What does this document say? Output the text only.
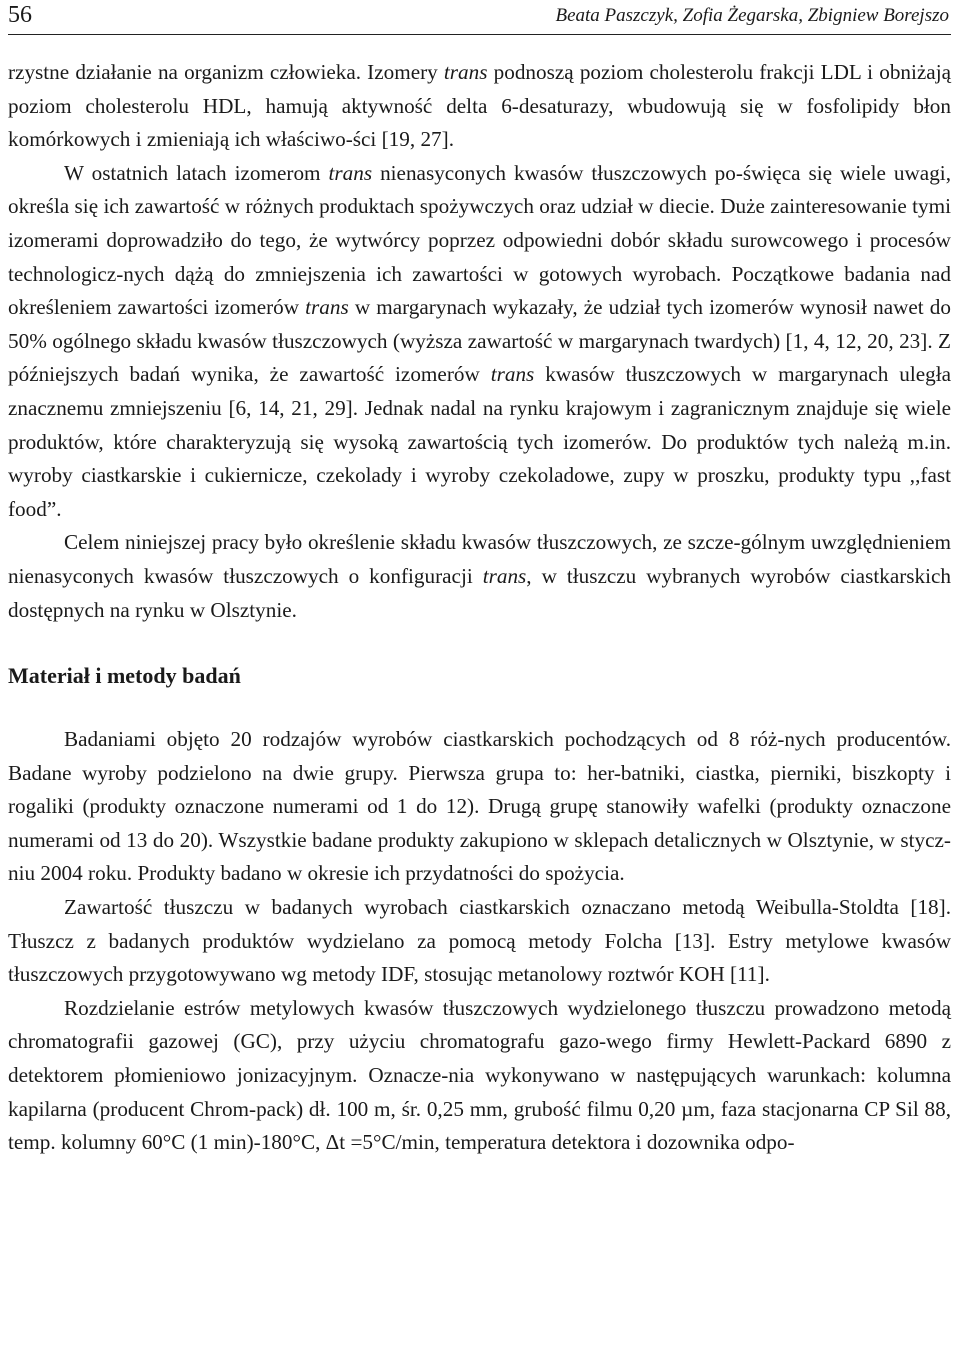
56	Beata Paszczyk, Zofia Żegarska, Zbigniew Borejszo

rzystne działanie na organizm człowieka. Izomery trans podnoszą poziom cholesterolu frakcji LDL i obniżają poziom cholesterolu HDL, hamują aktywność delta 6-desaturazy, wbudowują się w fosfolipidy błon komórkowych i zmieniają ich właściwo-ści [19, 27].

W ostatnich latach izomerom trans nienasyconych kwasów tłuszczowych po-święca się wiele uwagi, określa się ich zawartość w różnych produktach spożywczych oraz udział w diecie. Duże zainteresowanie tymi izomerami doprowadziło do tego, że wytwórcy poprzez odpowiedni dobór składu surowcowego i procesów technologicz-nych dążą do zmniejszenia ich zawartości w gotowych wyrobach. Początkowe badania nad określeniem zawartości izomerów trans w margarynach wykazały, że udział tych izomerów wynosił nawet do 50% ogólnego składu kwasów tłuszczowych (wyższa zawartość w margarynach twardych) [1, 4, 12, 20, 23]. Z późniejszych badań wynika, że zawartość izomerów trans kwasów tłuszczowych w margarynach uległa znacznemu zmniejszeniu [6, 14, 21, 29]. Jednak nadal na rynku krajowym i zagranicznym znajduje się wiele produktów, które charakteryzują się wysoką zawartością tych izomerów. Do produktów tych należą m.in. wyroby ciastkarskie i cukiernicze, czekolady i wyroby czekoladowe, zupy w proszku, produkty typu ,,fast food”.

Celem niniejszej pracy było określenie składu kwasów tłuszczowych, ze szcze-gólnym uwzględnieniem nienasyconych kwasów tłuszczowych o konfiguracji trans, w tłuszczu wybranych wyrobów ciastkarskich dostępnych na rynku w Olsztynie.

Materiał i metody badań

Badaniami objęto 20 rodzajów wyrobów ciastkarskich pochodzących od 8 róż-nych producentów. Badane wyroby podzielono na dwie grupy. Pierwsza grupa to: her-batniki, ciastka, pierniki, biszkopty i rogaliki (produkty oznaczone numerami od 1 do 12). Drugą grupę stanowiły wafelki (produkty oznaczone numerami od 13 do 20). Wszystkie badane produkty zakupiono w sklepach detalicznych w Olsztynie, w stycz-niu 2004 roku. Produkty badano w okresie ich przydatności do spożycia.

Zawartość tłuszczu w badanych wyrobach ciastkarskich oznaczano metodą Weibulla-Stoldta [18]. Tłuszcz z badanych produktów wydzielano za pomocą metody Folcha [13]. Estry metylowe kwasów tłuszczowych przygotowywano wg metody IDF, stosując metanolowy roztwór KOH [11].

Rozdzielanie estrów metylowych kwasów tłuszczowych wydzielonego tłuszczu prowadzono metodą chromatografii gazowej (GC), przy użyciu chromatografu gazo-wego firmy Hewlett-Packard 6890 z detektorem płomieniowo jonizacyjnym. Oznacze-nia wykonywano w następujących warunkach: kolumna kapilarna (producent Chrom-pack) dł. 100 m, śr. 0,25 mm, grubość filmu 0,20 µm, faza stacjonarna CP Sil 88, temp. kolumny 60°C (1 min)-180°C, Δt =5°C/min, temperatura detektora i dozownika odpo-
